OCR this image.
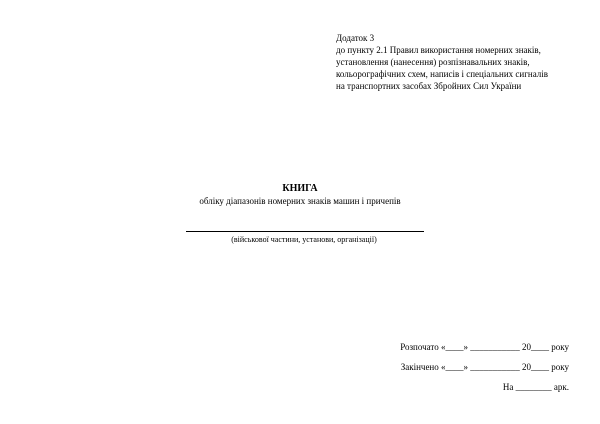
Додаток 3
до пункту 2.1 Правил використання номерних знаків,
установлення (нанесення) розпізнавальних знаків,
кольорографічних схем, написів і спеціальних сигналів
на транспортних засобах Збройних Сил України
КНИГА
обліку діапазонів номерних знаків машин і причепів
(військової частини, установи, організації)
Розпочато «____» ___________ 20____ року
Закінчено «____» ___________ 20____ року
На ________ арк.
